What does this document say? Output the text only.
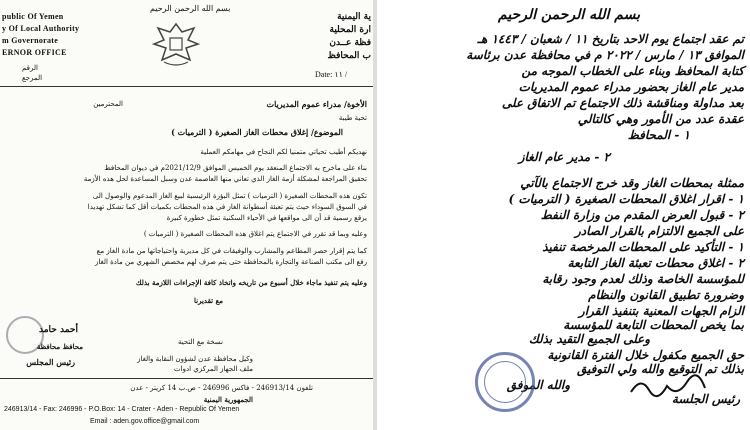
بسم الله الرحمن الرحيم
public Of Yemen
y Of Local Authority
m Governorate
ERNOR OFFICE
ية اليمنية
ارة المحلية
فظة عــدن
ب المحافظ
الرقم
المرجع	Date: ١١ /
الأخوة/ مدراء عموم المديريات
المحترمين
تحية طيبة
الموضوع/ إغلاق محطات الغاز الصغيرة ( الترميات )
نهديكم أطيب تحياتي متمنيا لكم النجاح في مهامكم العملية
بناء على ماخرج به الاجتماع المنعقد يوم الخميس الموافق 2021/12/9م في ديوان المحافظ
تحقيق المراجعة لمشكلة أزمة الغاز الذي تعاني منها العاصمة عدن وسبل المساعدة لحل هذه الأزمة
تكون هذه المحطات الصغيرة ( الترميات ) تمثل البؤرة الرئيسية لبيع الغاز المدعوم والوصول الى
في السوق السوداء حيث يتم تعبئة أسطوانة الغاز في هذه المحطات بكميات أقل كما تشكل تهديدا
يرقع رسمية قد أن الى مواقعها في الأحياء السكنية تمثل خطورة كبيرة
وعليه وبما قد تقرر في الاجتماع يتم اغلاق هذه المحطات الصغيرة ( الترميات )
كما يتم إقرار حصر المطاعم والمشارب والوفيقات في كل مديرية واحتياجاتها من مادة الغاز مع
رفع الى مكتب الصناعة والتجارة بالمحافظة حتى يتم صرف لهم مخصص الشهري من مادة الغاز
وعليه يتم تنفيذ ماجاء خلال أسبوع من تاريخه واتخاذ كافة الإجراءات اللازمة بذلك
مع تقديرنا
أحمد حامد
محافظ محافظة
رئيس المجلس
نسخة مع التحية
وكيل محافظة عدن لشؤون النقابة والغاز
ملف الجهاز المركزي ادوات
تلفون 246913/14 - فاكس 246996 - ص.ب 14 كريتر - عدن
الجمهورية اليمنية
246913/14 - Fax: 246996 - P.O.Box: 14 - Crater - Aden - Republic Of Yemen
Email : aden.gov.office@gmail.com
بسم الله الرحمن الرحيم
تم عقد اجتماع يوم الاحد بتاريخ ١١ / شعبان / ١٤٤٣ هـ
الموافق ١٣ / مارس / ٢٠٢٢ م في محافظة عدن برئاسة
كتابة المحافظ وبناء على الخطاب الموجه من
مدير عام الغاز بحضور مدراء عموم المديريات
بعد مداولة ومناقشة ذلك الاجتماع تم الاتفاق على
عقدة عدد من الأمور وهي كالتالي
١ - المحافظ
٢ - مدير عام الغاز
ممثلة بمحطات الغاز وقد خرج الاجتماع بالآتي
١ - اقرار اغلاق المحطات الصغيرة ( الترميات )
٢ - قبول العرض المقدم من وزارة النفط
على الجميع الالتزام بالقرار الصادر
١ - التأكيد على المحطات المرخصة تنفيذ
٢ - اغلاق محطات تعبئة الغاز التابعة
للمؤسسة الخاصة وذلك لعدم وجود رقابة
وضرورة تطبيق القانون والنظام
الزام الجهات المعنية بتنفيذ القرار
بما يخص المحطات التابعة للمؤسسة
وعلى الجميع التقيد بذلك
حق الجميع مكفول خلال الفترة القانونية
بذلك تم التوقيع والله ولي التوفيق
والله الموفق
رئيس الجلسة
